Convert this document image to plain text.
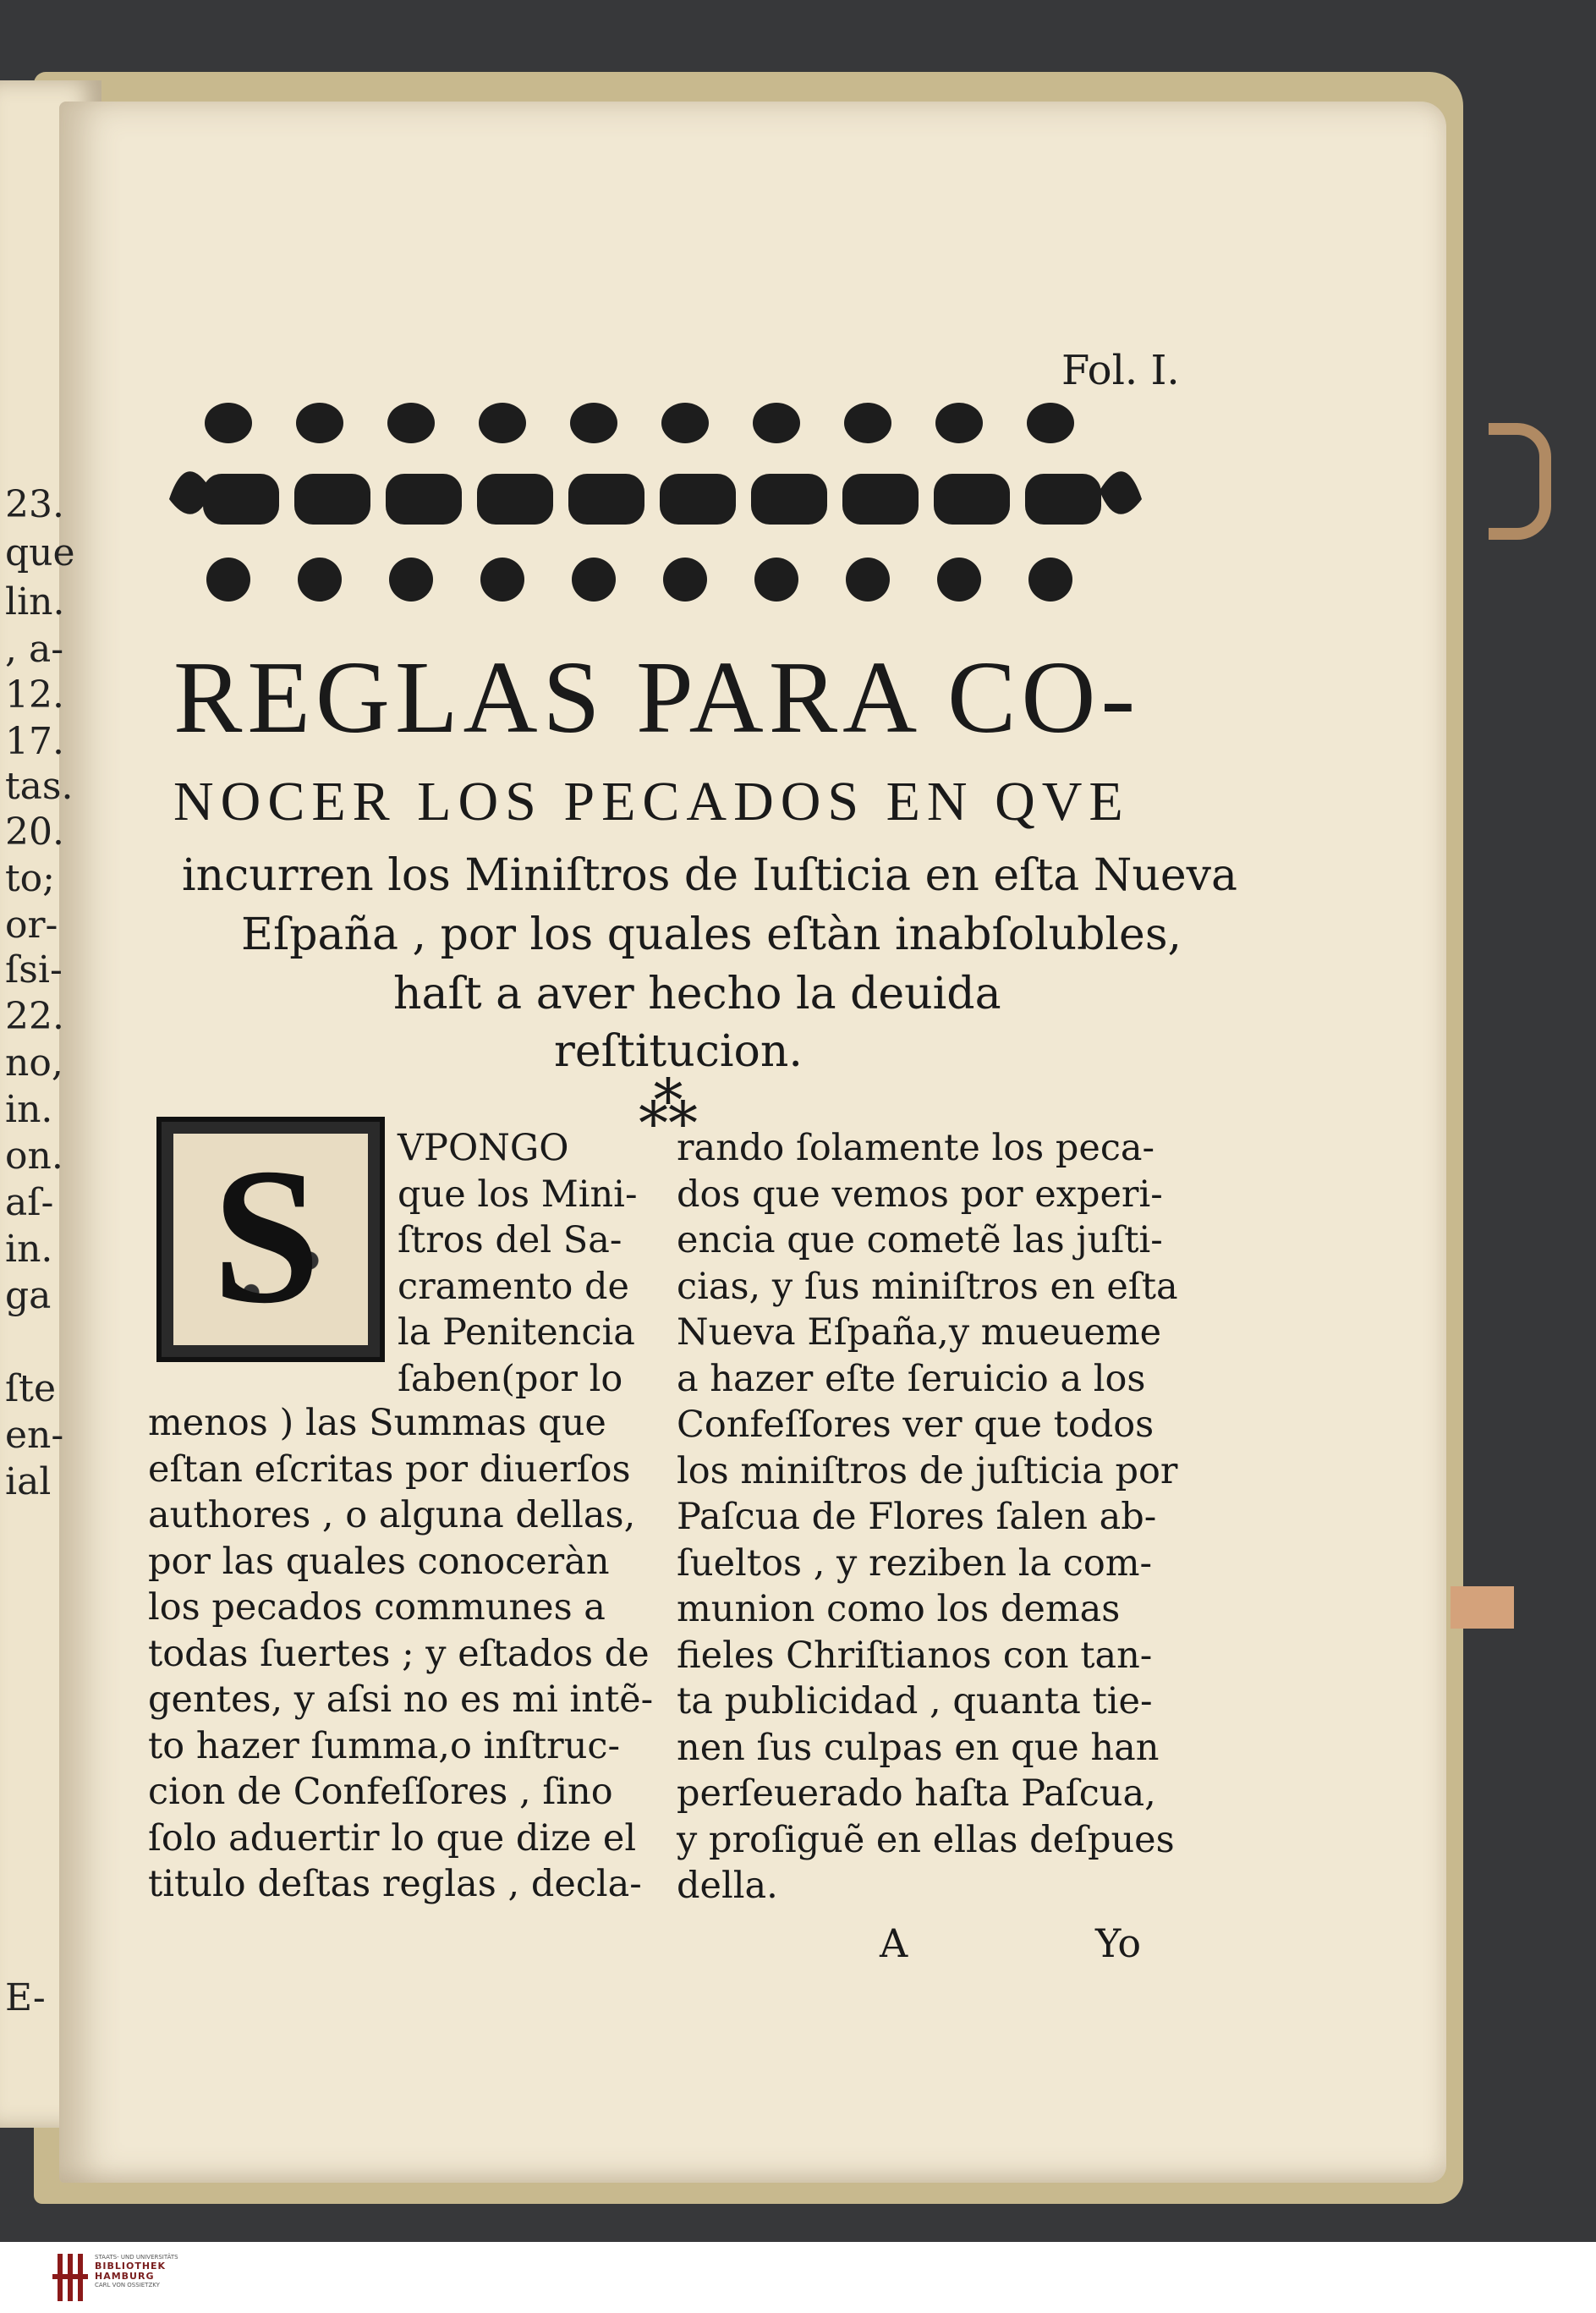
23.
que
lin.
, a-
12.
17.
tas.
20.
to;
or-
ſsi-
22.
no,
in.
on.
aſ-
in.
ga
ſte
en-
ial
E-
Fol. I.
REGLAS PARA CO-
NOCER LOS PECADOS EN QVE
incurren los Miniſtros de Iuſticia en eſta Nueva
Eſpaña , por los quales eſtàn inabſolubles,
haſt a aver hecho la deuida
reſtitucion.
⁂
S VPONGO
que los Mini-
ſtros del Sa-
cramento de
la Penitencia
ſaben(por lo
menos ) las Summas que
eſtan eſcritas por diuerſos
authores , o alguna dellas,
por las quales conoceràn
los pecados communes a
todas ſuertes ; y eſtados de
gentes, y aſsi no es mi intẽ-
to hazer ſumma,o inſtruc-
cion de Confeſſores , ſino
ſolo aduertir lo que dize el
titulo deſtas reglas , decla-
rando ſolamente los peca-
dos que vemos por experi-
encia que cometẽ las juſti-
cias, y ſus miniſtros en eſta
Nueva Eſpaña,y mueueme
a hazer eſte ſeruicio a los
Confeſſores ver que todos
los miniſtros de juſticia por
Paſcua de Flores ſalen ab-
ſueltos , y reziben la com-
munion como los demas
fieles Chriſtianos con tan-
ta publicidad , quanta tie-
nen ſus culpas en que han
perſeuerado haſta Paſcua,
y proſiguẽ en ellas deſpues
della.
A	Yo
STAATS- UND UNIVERSITÄTS
BIBLIOTHEK
HAMBURG
CARL VON OSSIETZKY
